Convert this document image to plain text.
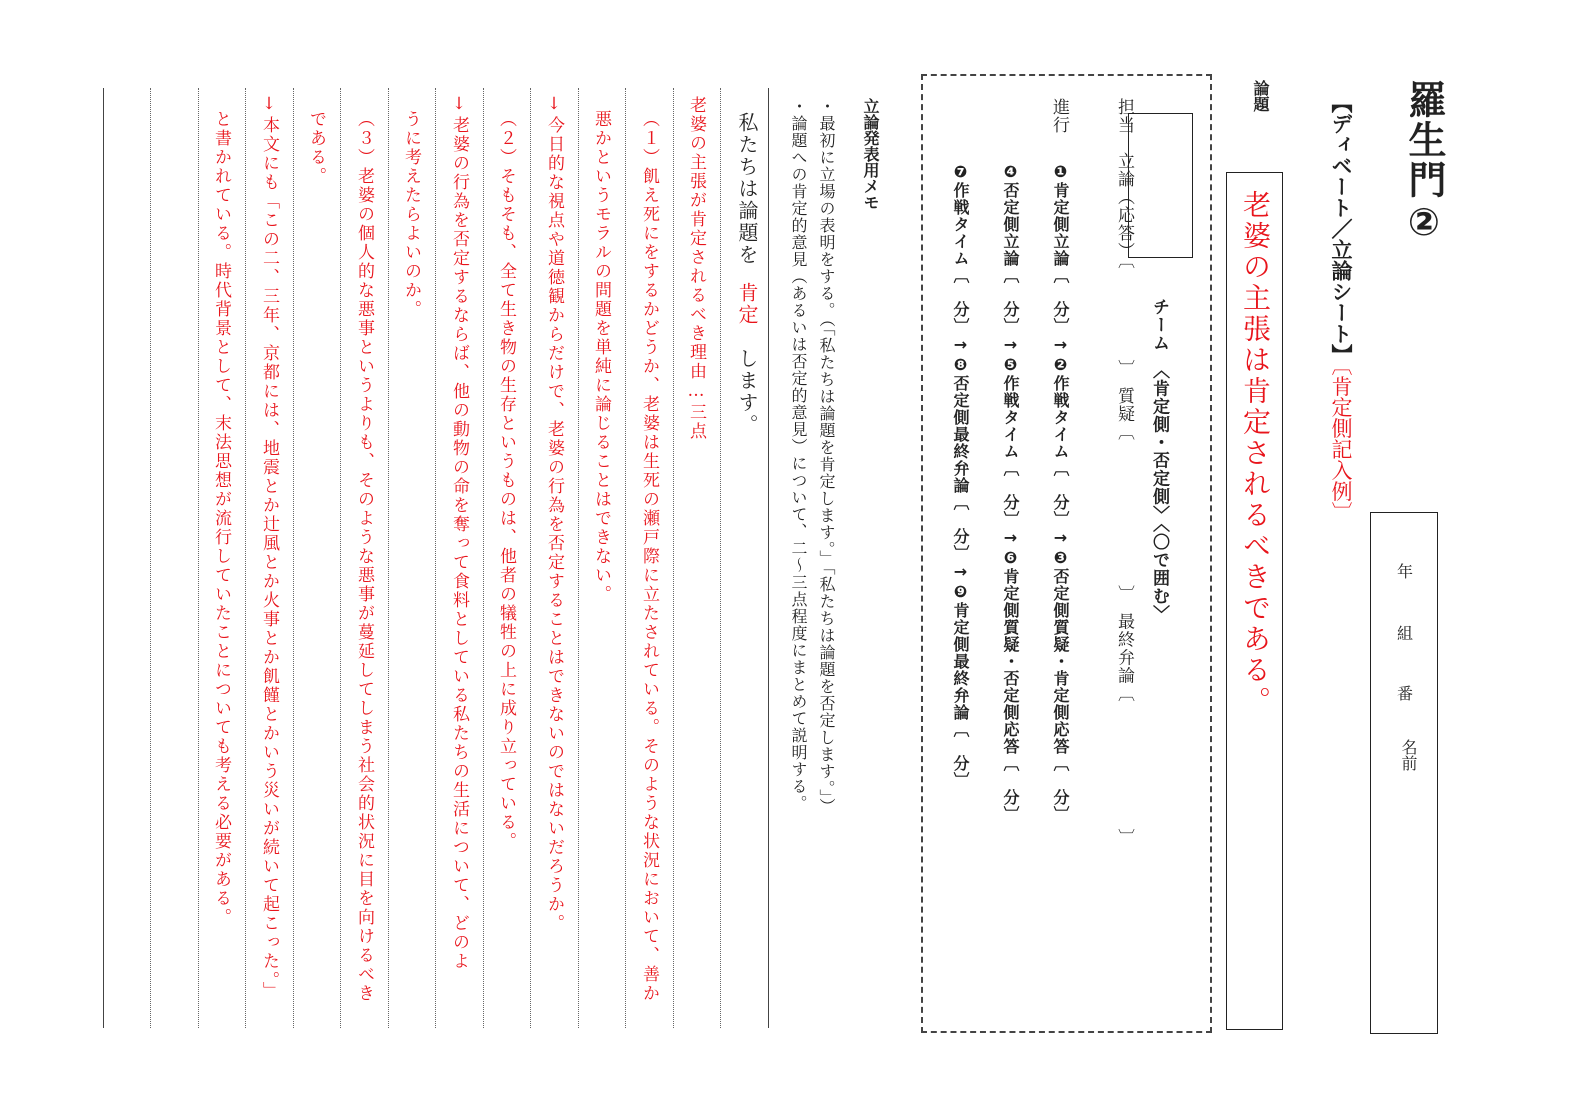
羅生門②
【ディベート／立論シート】〔肯定側記入例〕
年
組
番
名前
論題
老婆の主張は肯定されるべきである。
チーム　〈肯定側・否定側〉〈〇で囲む〉
担当　立論（応答）〔　　　　　〕　質疑〔　　　　　　　　〕　最終弁論〔　　　　　　　〕
進行
❶肯定側立論〔　分〕→❷作戦タイム〔　分〕→❸否定側質疑・肯定側応答〔　分〕
❹否定側立論〔　分〕→❺作戦タイム〔　分〕→❻肯定側質疑・否定側応答〔　分〕
❼作戦タイム〔　分〕→❽否定側最終弁論〔　分〕→❾肯定側最終弁論〔　分〕
立論発表用メモ
・最初に立場の表明をする。（「私たちは論題を肯定します。」「私たちは論題を否定します。」）
・論題への肯定的意見（あるいは否定的意見）について、二〜三点程度にまとめて説明する。
私たちは論題を肯定します。
老婆の主張が肯定されるべき理由…三点
（１）飢え死にをするかどうか、老婆は生死の瀬戸際に立たされている。そのような状況において、善か
悪かというモラルの問題を単純に論じることはできない。
↓今日的な視点や道徳観からだけで、老婆の行為を否定することはできないのではないだろうか。
（２）そもそも、全て生き物の生存というものは、他者の犠牲の上に成り立っている。
↓老婆の行為を否定するならば、他の動物の命を奪って食料としている私たちの生活について、どのよ
うに考えたらよいのか。
（３）老婆の個人的な悪事というよりも、そのような悪事が蔓延してしまう社会的状況に目を向けるべき
である。
↓本文にも「この二、三年、京都には、地震とか辻風とか火事とか飢饉とかいう災いが続いて起こった。」
と書かれている。時代背景として、末法思想が流行していたことについても考える必要がある。
